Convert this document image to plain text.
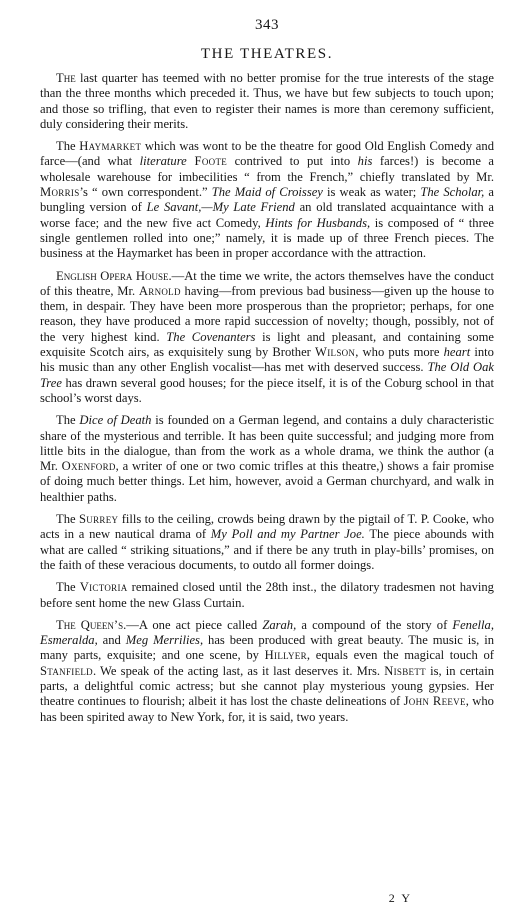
343
THE THEATRES.

The last quarter has teemed with no better promise for the true interests of the stage than the three months which preceded it. Thus, we have but few subjects to touch upon; and those so trifling, that even to register their names is more than ceremony sufficient, duly considering their merits.

The Haymarket which was wont to be the theatre for good Old English Comedy and farce—(and what literature Foote contrived to put into his farces!) is become a wholesale warehouse for imbecilities “ from the French,” chiefly translated by Mr. Morris’s “ own correspondent.” The Maid of Croissey is weak as water; The Scholar, a bungling version of Le Savant,—My Late Friend an old translated acquaintance with a worse face; and the new five act Comedy, Hints for Husbands, is composed of “ three single gentlemen rolled into one;” namely, it is made up of three French pieces. The business at the Haymarket has been in proper accordance with the attraction.

English Opera House.—At the time we write, the actors themselves have the conduct of this theatre, Mr. Arnold having—from previous bad business—given up the house to them, in despair. They have been more prosperous than the proprietor; perhaps, for one reason, they have produced a more rapid succession of novelty; though, possibly, not of the very highest kind. The Covenanters is light and pleasant, and containing some exquisite Scotch airs, as exquisitely sung by Brother Wilson, who puts more heart into his music than any other English vocalist—has met with deserved success. The Old Oak Tree has drawn several good houses; for the piece itself, it is of the Coburg school in that school’s worst days.

The Dice of Death is founded on a German legend, and contains a duly characteristic share of the mysterious and terrible. It has been quite successful; and judging more from little bits in the dialogue, than from the work as a whole drama, we think the author (a Mr. Oxenford, a writer of one or two comic trifles at this theatre,) shows a fair promise of doing much better things. Let him, however, avoid a German churchyard, and walk in healthier paths.

The Surrey fills to the ceiling, crowds being drawn by the pigtail of T. P. Cooke, who acts in a new nautical drama of My Poll and my Partner Joe. The piece abounds with what are called “ striking situations,” and if there be any truth in play-bills’ promises, on the faith of these veracious documents, to outdo all former doings.

The Victoria remained closed until the 28th inst., the dilatory tradesmen not having before sent home the new Glass Curtain.

The Queen’s.—A one act piece called Zarah, a compound of the story of Fenella, Esmeralda, and Meg Merrilies, has been produced with great beauty. The music is, in many parts, exquisite; and one scene, by Hillyer, equals even the magical touch of Stanfield. We speak of the acting last, as it last deserves it. Mrs. Nisbett is, in certain parts, a delightful comic actress; but she cannot play mysterious young gypsies. Her theatre continues to flourish; albeit it has lost the chaste delineations of John Reeve, who has been spirited away to New York, for, it is said, two years.

2 Y
